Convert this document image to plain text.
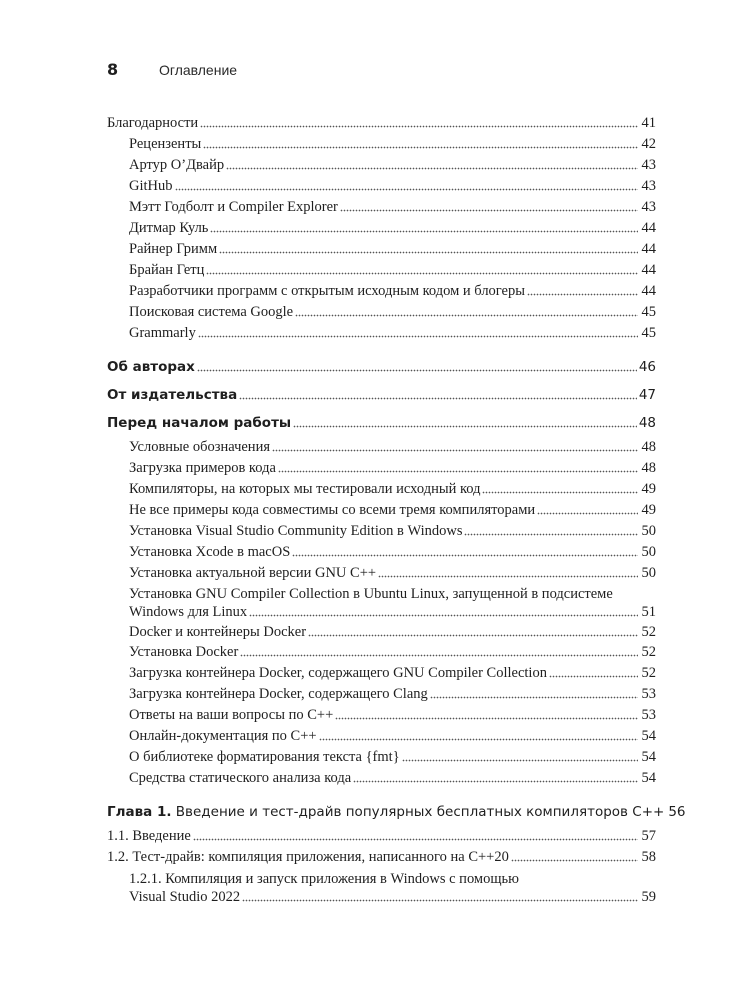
8	Оглавление
Благодарности	41
Рецензенты	42
Артур О’Двайр	43
GitHub	43
Мэтт Годболт и Compiler Explorer	43
Дитмар Куль	44
Райнер Гримм	44
Брайан Гетц	44
Разработчики программ с открытым исходным кодом и блогеры	44
Поисковая система Google	45
Grammarly	45
Об авторах	46
От издательства	47
Перед началом работы	48
Условные обозначения	48
Загрузка примеров кода	48
Компиляторы, на которых мы тестировали исходный код	49
Не все примеры кода совместимы со всеми тремя компиляторами	49
Установка Visual Studio Community Edition в Windows	50
Установка Xcode в macOS	50
Установка актуальной версии GNU C++	50
Установка GNU Compiler Collection в Ubuntu Linux, запущенной в подсистеме
Windows для Linux	51
Docker и контейнеры Docker	52
Установка Docker	52
Загрузка контейнера Docker, содержащего GNU Compiler Collection	52
Загрузка контейнера Docker, содержащего Clang	53
Ответы на ваши вопросы по C++	53
Онлайн-документация по C++	54
О библиотеке форматирования текста {fmt}	54
Средства статического анализа кода	54
Глава 1. Введение и тест-драйв популярных бесплатных компиляторов С++ 56
1.1. Введение	57
1.2. Тест-драйв: компиляция приложения, написанного на С++20	58
1.2.1. Компиляция и запуск приложения в Windows с помощью
Visual Studio 2022	59
